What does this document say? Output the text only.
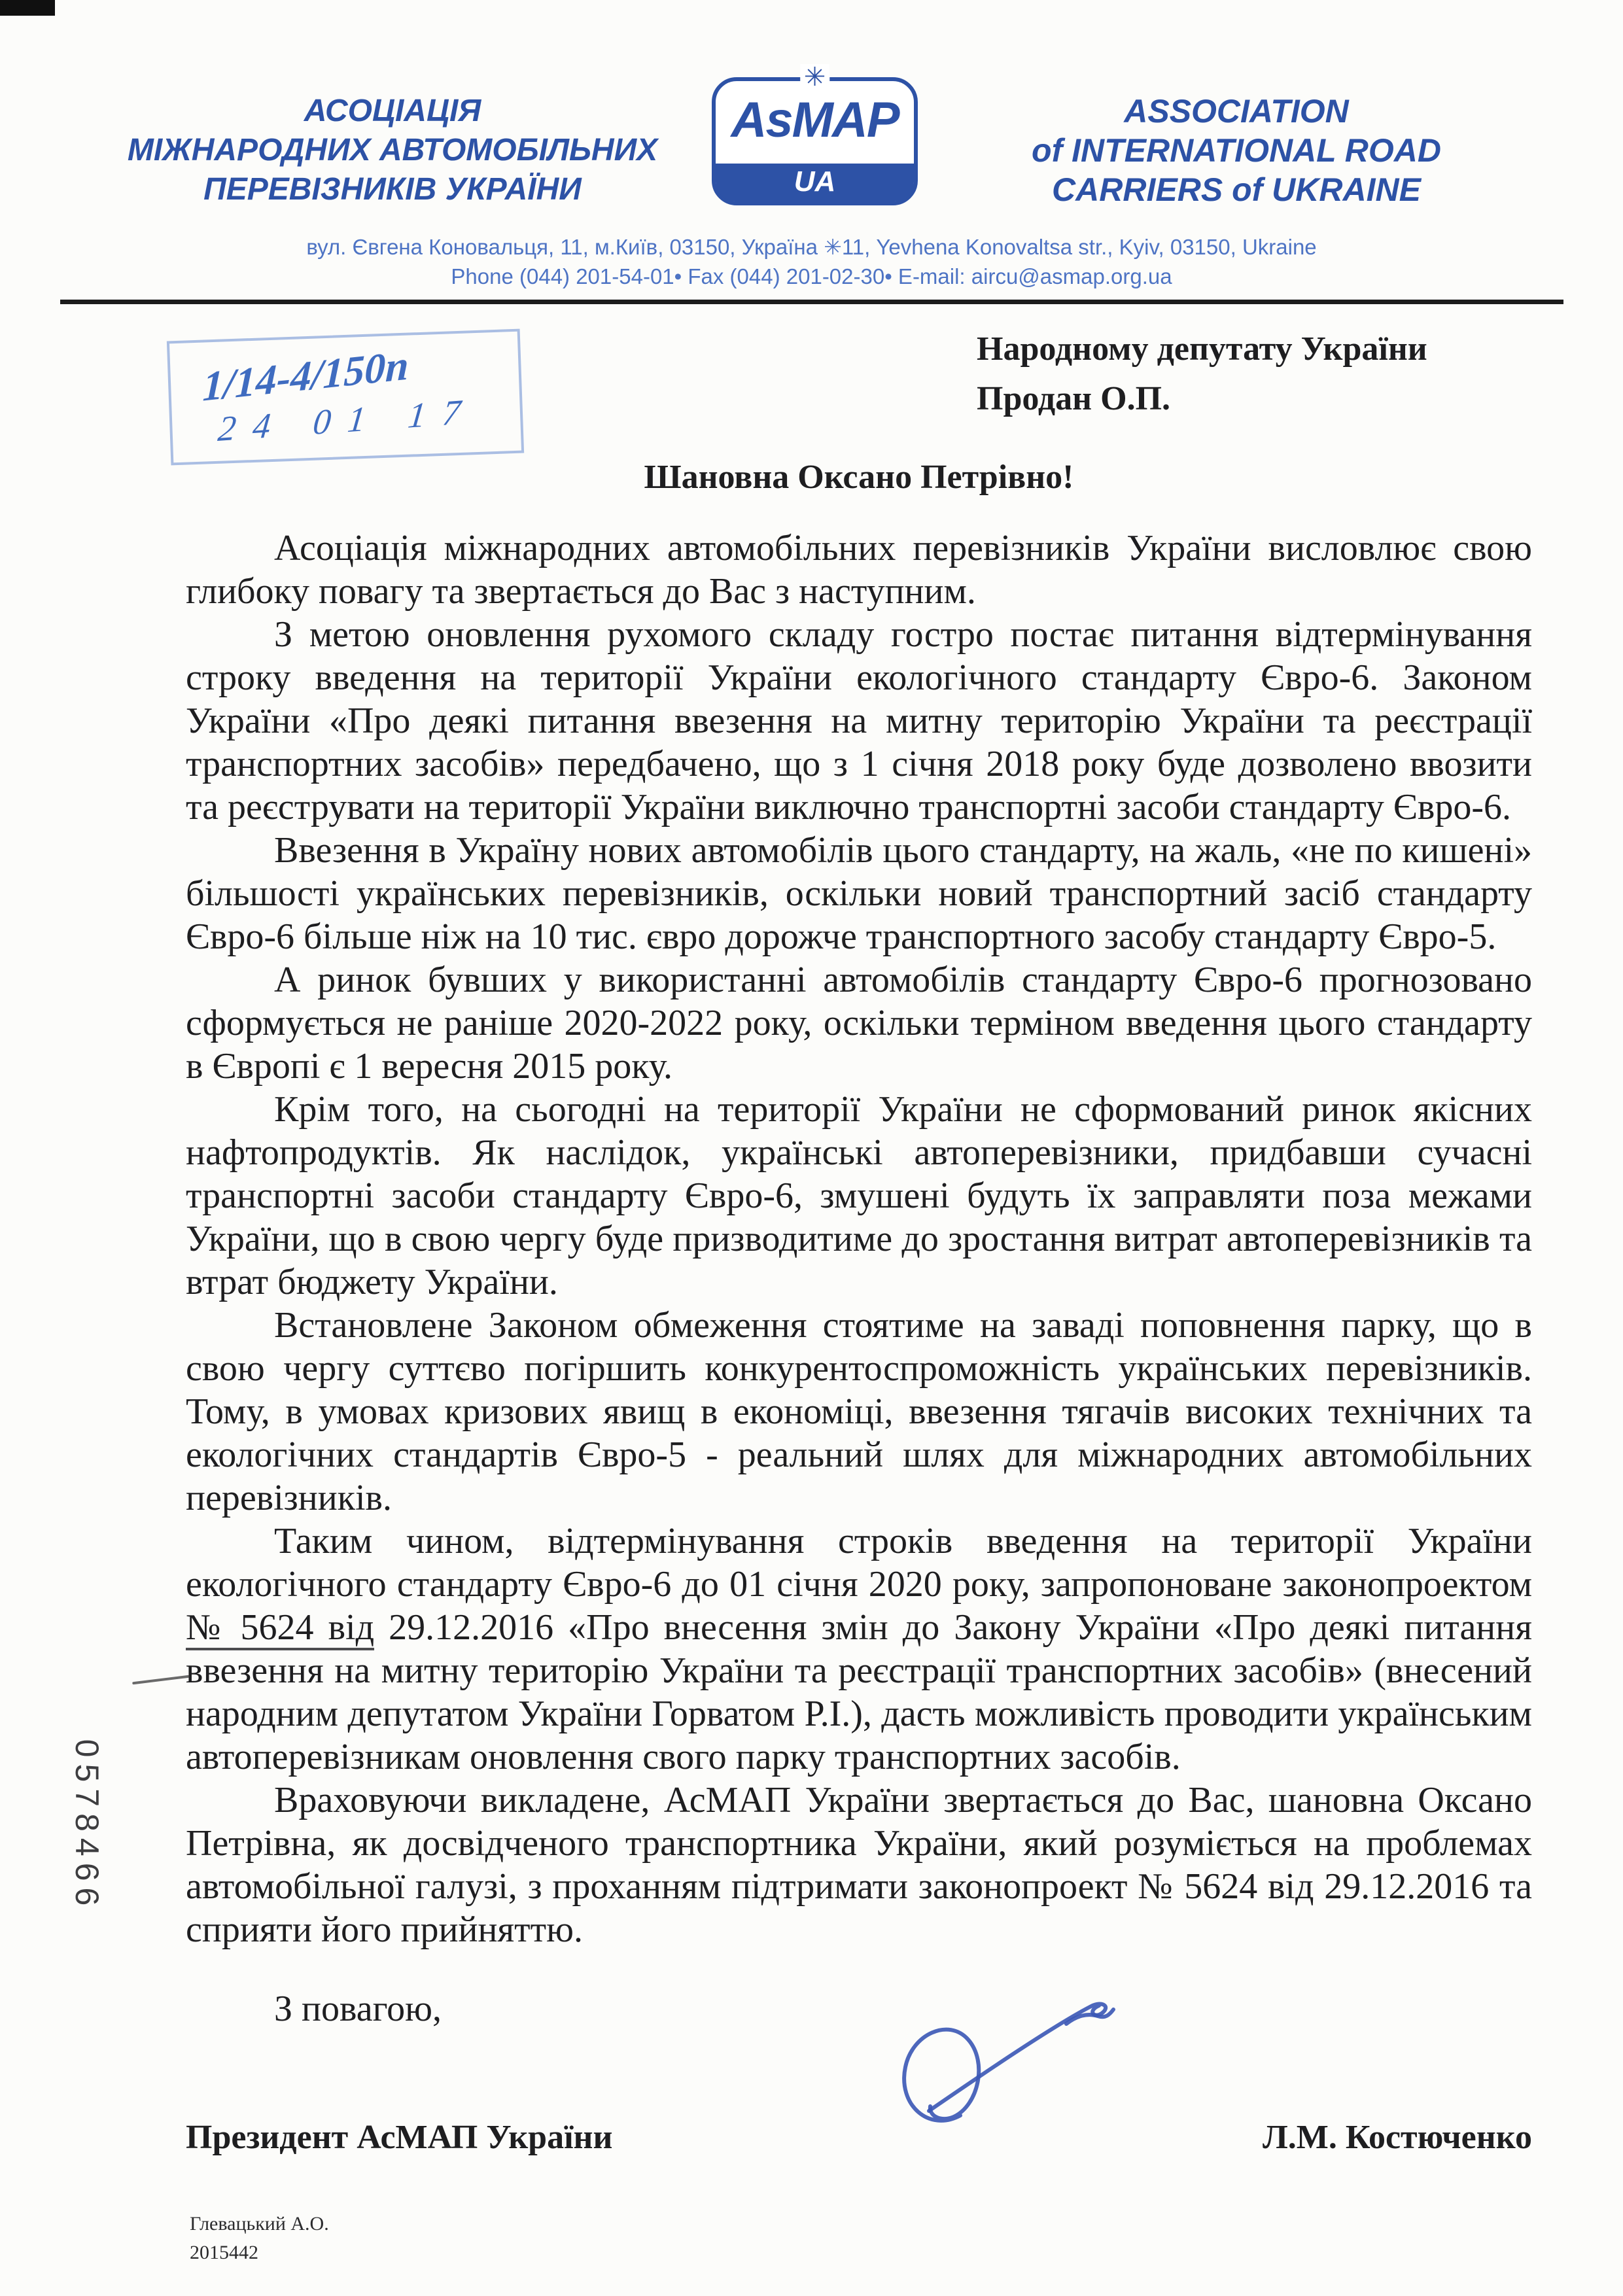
АСОЦІАЦІЯ
МІЖНАРОДНИХ АВТОМОБІЛЬНИХ
ПЕРЕВІЗНИКІВ УКРАЇНИ
✳
AsMAP
UA
ASSOCIATION
of INTERNATIONAL ROAD
CARRIERS of UKRAINE
вул. Євгена Коновальця, 11, м.Київ, 03150, Україна ✳11, Yevhena Konovaltsa str., Kyiv, 03150, Ukraine
Phone (044) 201-54-01• Fax (044) 201-02-30• E-mail: aircu@asmap.org.ua
1/14-4/150п
24 01 17
Народному депутату України
Продан О.П.
Шановна Оксано Петрівно!

Асоціація міжнародних автомобільних перевізників України висловлює свою глибоку повагу та звертається до Вас з наступним.

З метою оновлення рухомого складу гостро постає питання відтермінування строку введення на території України екологічного стандарту Євро-6. Законом України «Про деякі питання ввезення на митну територію України та реєстрації транспортних засобів» передбачено, що з 1 січня 2018 року буде дозволено ввозити та реєструвати на території України виключно транспортні засоби стандарту Євро-6.

Ввезення в Україну нових автомобілів цього стандарту, на жаль, «не по кишені» більшості українських перевізників, оскільки новий транспортний засіб стандарту Євро-6 більше ніж на 10 тис. євро дорожче транспортного засобу стандарту Євро-5.

А ринок бувших у використанні автомобілів стандарту Євро-6 прогнозовано сформується не раніше 2020-2022 року, оскільки терміном введення цього стандарту в Європі є 1 вересня 2015 року.

Крім того, на сьогодні на території України не сформований ринок якісних нафтопродуктів. Як наслідок, українські автоперевізники, придбавши сучасні транспортні засоби стандарту Євро-6, змушені будуть їх заправляти поза межами України, що в свою чергу буде призводитиме до зростання витрат автоперевізників та втрат бюджету України.

Встановлене Законом обмеження стоятиме на заваді поповнення парку, що в свою чергу суттєво погіршить конкурентоспроможність українських перевізників. Тому, в умовах кризових явищ в економіці, ввезення тягачів високих технічних та екологічних стандартів Євро-5 - реальний шлях для міжнародних автомобільних перевізників.

Таким чином, відтермінування строків введення на території України екологічного стандарту Євро-6 до 01 січня 2020 року, запропоноване законопроектом № 5624 від 29.12.2016 «Про внесення змін до Закону України «Про деякі питання ввезення на митну територію України та реєстрації транспортних засобів» (внесений народним депутатом України Горватом Р.І.), дасть можливість проводити українським автоперевізникам оновлення свого парку транспортних засобів.

Враховуючи викладене, АсМАП України звертається до Вас, шановна Оксано Петрівна, як досвідченого транспортника України, який розуміється на проблемах автомобільної галузі, з проханням підтримати законопроект № 5624 від 29.12.2016 та сприяти його прийняттю.

З повагою,

Президент АсМАП України	Л.М. Костюченко
Глевацький А.О.
2015442
0578466
